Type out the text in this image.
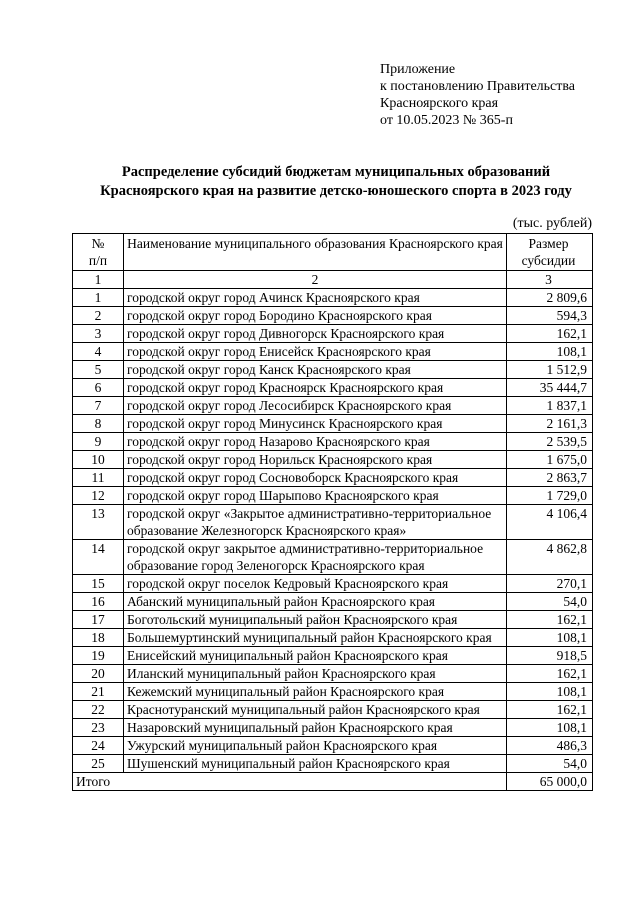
Приложение
к постановлению Правительства
Красноярского края
от 10.05.2023 № 365-п
Распределение субсидий бюджетам муниципальных образований
Красноярского края на развитие детско-юношеского спорта в 2023 году
(тыс. рублей)
№
п/п	Наименование муниципального образования Красноярского края	Размер субсидии
1	2	3
1	городской округ город Ачинск Красноярского края	2 809,6
2	городской округ город Бородино Красноярского края	594,3
3	городской округ город Дивногорск Красноярского края	162,1
4	городской округ город Енисейск Красноярского края	108,1
5	городской округ город Канск Красноярского края	1 512,9
6	городской округ город Красноярск Красноярского края	35 444,7
7	городской округ город Лесосибирск Красноярского края	1 837,1
8	городской округ город Минусинск Красноярского края	2 161,3
9	городской округ город Назарово Красноярского края	2 539,5
10	городской округ город Норильск Красноярского края	1 675,0
11	городской округ город Сосновоборск Красноярского края	2 863,7
12	городской округ город Шарыпово Красноярского края	1 729,0
13	городской округ «Закрытое административно-территориальное образование Железногорск Красноярского края»	4 106,4
14	городской округ закрытое административно-территориальное образование город Зеленогорск Красноярского края	4 862,8
15	городской округ поселок Кедровый Красноярского края	270,1
16	Абанский муниципальный район Красноярского края	54,0
17	Боготольский муниципальный район Красноярского края	162,1
18	Большемуртинский муниципальный район Красноярского края	108,1
19	Енисейский муниципальный район Красноярского края	918,5
20	Иланский муниципальный район Красноярского края	162,1
21	Кежемский муниципальный район Красноярского края	108,1
22	Краснотуранский муниципальный район Красноярского края	162,1
23	Назаровский муниципальный район Красноярского края	108,1
24	Ужурский муниципальный район Красноярского края	486,3
25	Шушенский муниципальный район Красноярского края	54,0
Итого		65 000,0
